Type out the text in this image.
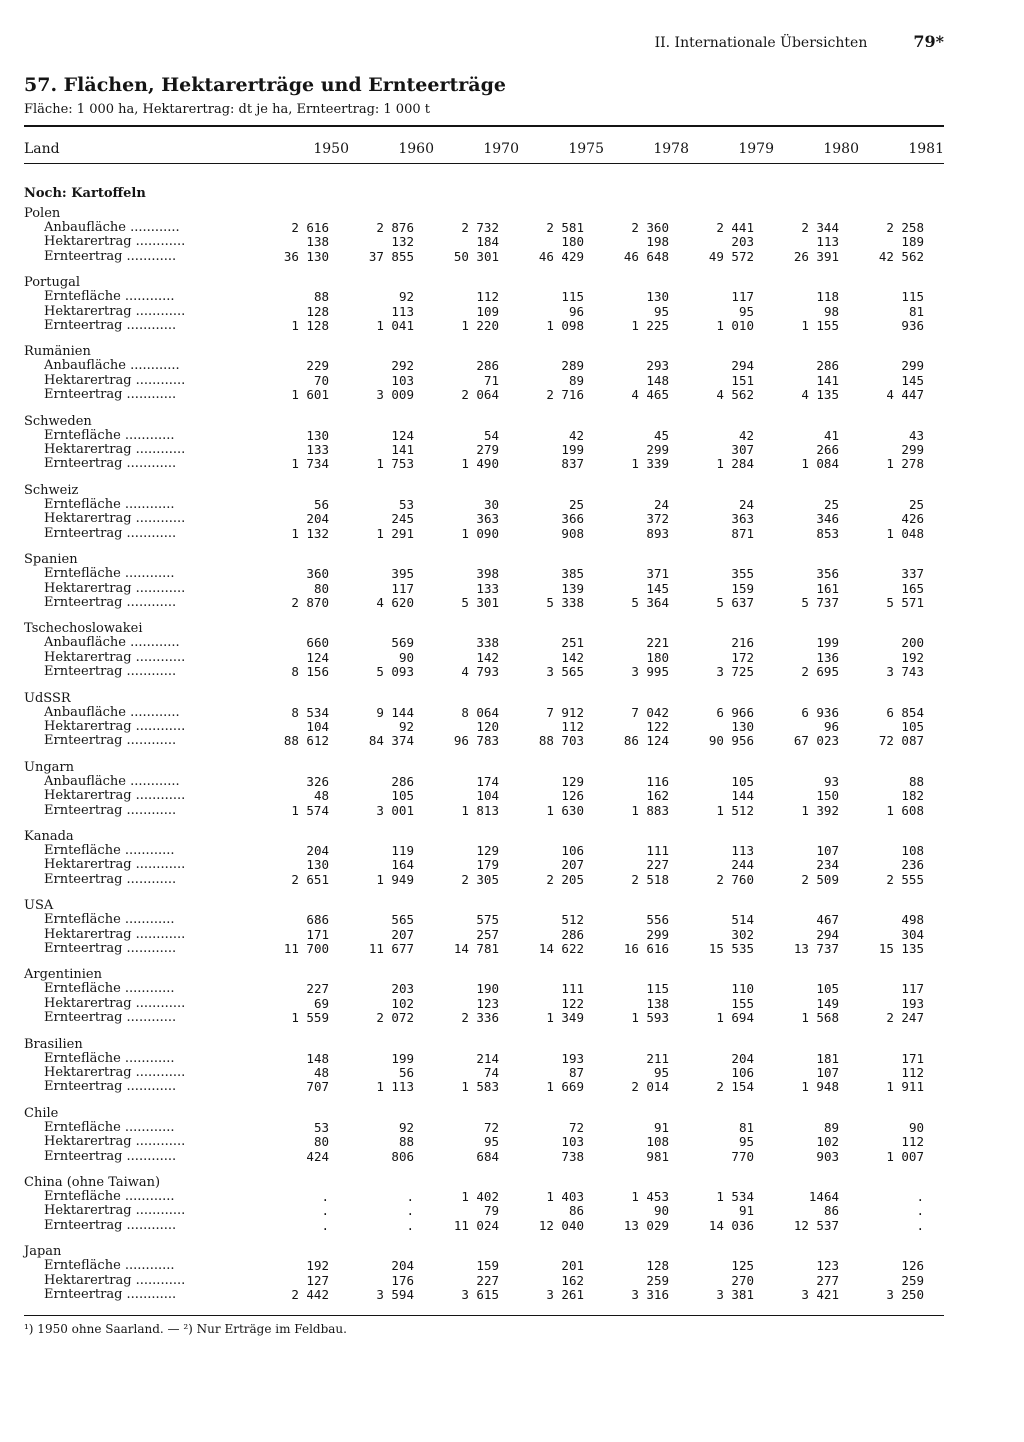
II. Internationale Übersichten	79*
57. Flächen, Hektarerträge und Ernteerträge
Fläche: 1 000 ha, Hektarertrag: dt je ha, Ernteertrag: 1 000 t
Land	1950	1960	1970	1975	1978	1979	1980	1981
Noch: Kartoffeln
Polen
Anbaufläche ............	2 616	2 876	2 732	2 581	2 360	2 441	2 344	2 258
Hektarertrag ............	138	132	184	180	198	203	113	189
Ernteertrag ............	36 130	37 855	50 301	46 429	46 648	49 572	26 391	42 562
Portugal
Erntefläche ............	88	92	112	115	130	117	118	115
Hektarertrag ............	128	113	109	96	95	95	98	81
Ernteertrag ............	1 128	1 041	1 220	1 098	1 225	1 010	1 155	936
Rumänien
Anbaufläche ............	229	292	286	289	293	294	286	299
Hektarertrag ............	70	103	71	89	148	151	141	145
Ernteertrag ............	1 601	3 009	2 064	2 716	4 465	4 562	4 135	4 447
Schweden
Erntefläche ............	130	124	54	42	45	42	41	43
Hektarertrag ............	133	141	279	199	299	307	266	299
Ernteertrag ............	1 734	1 753	1 490	837	1 339	1 284	1 084	1 278
Schweiz
Erntefläche ............	56	53	30	25	24	24	25	25
Hektarertrag ............	204	245	363	366	372	363	346	426
Ernteertrag ............	1 132	1 291	1 090	908	893	871	853	1 048
Spanien
Erntefläche ............	360	395	398	385	371	355	356	337
Hektarertrag ............	80	117	133	139	145	159	161	165
Ernteertrag ............	2 870	4 620	5 301	5 338	5 364	5 637	5 737	5 571
Tschechoslowakei
Anbaufläche ............	660	569	338	251	221	216	199	200
Hektarertrag ............	124	90	142	142	180	172	136	192
Ernteertrag ............	8 156	5 093	4 793	3 565	3 995	3 725	2 695	3 743
UdSSR
Anbaufläche ............	8 534	9 144	8 064	7 912	7 042	6 966	6 936	6 854
Hektarertrag ............	104	92	120	112	122	130	96	105
Ernteertrag ............	88 612	84 374	96 783	88 703	86 124	90 956	67 023	72 087
Ungarn
Anbaufläche ............	326	286	174	129	116	105	93	88
Hektarertrag ............	48	105	104	126	162	144	150	182
Ernteertrag ............	1 574	3 001	1 813	1 630	1 883	1 512	1 392	1 608
Kanada
Erntefläche ............	204	119	129	106	111	113	107	108
Hektarertrag ............	130	164	179	207	227	244	234	236
Ernteertrag ............	2 651	1 949	2 305	2 205	2 518	2 760	2 509	2 555
USA
Erntefläche ............	686	565	575	512	556	514	467	498
Hektarertrag ............	171	207	257	286	299	302	294	304
Ernteertrag ............	11 700	11 677	14 781	14 622	16 616	15 535	13 737	15 135
Argentinien
Erntefläche ............	227	203	190	111	115	110	105	117
Hektarertrag ............	69	102	123	122	138	155	149	193
Ernteertrag ............	1 559	2 072	2 336	1 349	1 593	1 694	1 568	2 247
Brasilien
Erntefläche ............	148	199	214	193	211	204	181	171
Hektarertrag ............	48	56	74	87	95	106	107	112
Ernteertrag ............	707	1 113	1 583	1 669	2 014	2 154	1 948	1 911
Chile
Erntefläche ............	53	92	72	72	91	81	89	90
Hektarertrag ............	80	88	95	103	108	95	102	112
Ernteertrag ............	424	806	684	738	981	770	903	1 007
China (ohne Taiwan)
Erntefläche ............	.	.	1 402	1 403	1 453	1 534	1464	.
Hektarertrag ............	.	.	79	86	90	91	86	.
Ernteertrag ............	.	.	11 024	12 040	13 029	14 036	12 537	.
Japan
Erntefläche ............	192	204	159	201	128	125	123	126
Hektarertrag ............	127	176	227	162	259	270	277	259
Ernteertrag ............	2 442	3 594	3 615	3 261	3 316	3 381	3 421	3 250
¹) 1950 ohne Saarland. — ²) Nur Erträge im Feldbau.
